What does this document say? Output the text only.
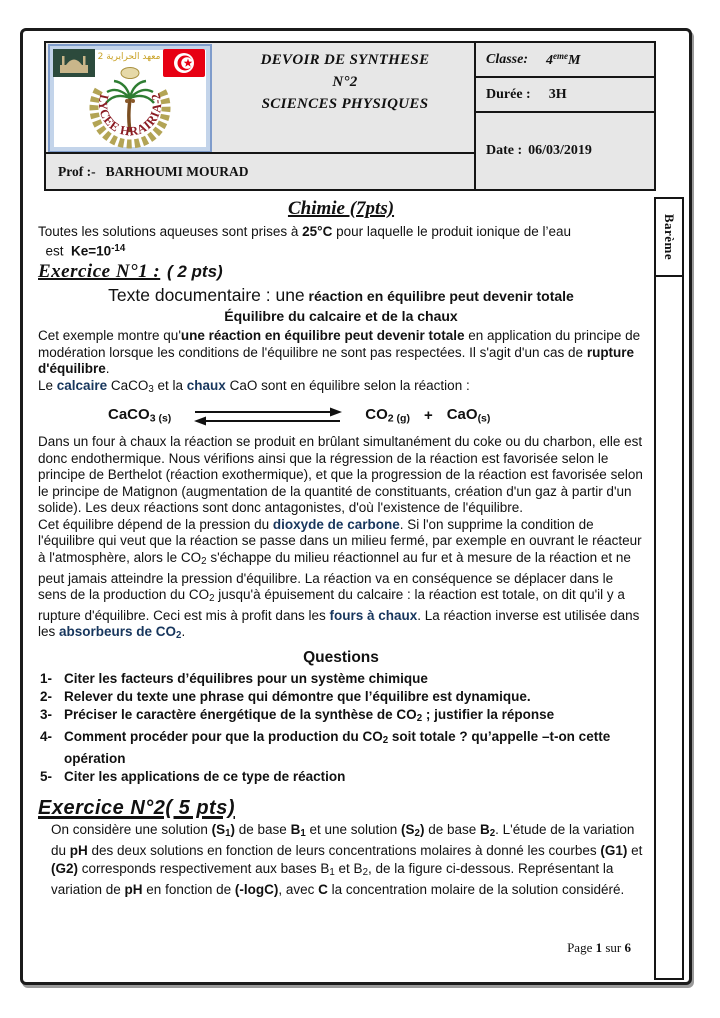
معهد الحرايرية 2
LYCEE HRAIRIA-2
DEVOIR DE SYNTHESE
N°2
SCIENCES PHYSIQUES
Prof :- BARHOUMI MOURAD
Classe: 4emeM
Durée : 3H
Date : 06/03/2019
Barème
Chimie (7pts)
Toutes les solutions aqueuses sont prises à 25°C pour laquelle le produit ionique de l’eau
est  $Ke=10^{-14}$
Exercice N°1 : ( 2 pts)
Texte documentaire : une réaction en équilibre peut devenir totale
Équilibre du calcaire et de la chaux
Cet exemple montre qu'une réaction en équilibre peut devenir totale en application du principe de modération lorsque les conditions de l'équilibre ne sont pas respectées. Il s'agit d'un cas de rupture d'équilibre.
Le calcaire CaCO$_3$ et la chaux CaO sont en équilibre selon la réaction :
CaCO$_{3 (s)}$	$CO_{2 (g)} + CaO_{(s)}$
Dans un four à chaux la réaction se produit en brûlant simultanément du coke ou du charbon, elle est donc endothermique. Nous vérifions ainsi que la régression de la réaction est favorisée selon le principe de Berthelot (réaction exothermique), et que la progression de la réaction est favorisée selon le principe de Matignon (augmentation de la quantité de constituants, création d'un gaz à partir d'un solide). Les deux réactions sont donc antagonistes, d'où l'existence de l'équilibre.
Cet équilibre dépend de la pression du dioxyde de carbone. Si l'on supprime la condition de l'équilibre qui veut que la réaction se passe dans un milieu fermé, par exemple en ouvrant le réacteur à l'atmosphère, alors le $CO_2$ s'échappe du milieu réactionnel au fur et à mesure de la réaction et ne peut jamais atteindre la pression d'équilibre. La réaction va en conséquence se déplacer dans le sens de la production du $CO_2$ jusqu'à épuisement du calcaire : la réaction est totale, on dit qu'il y a rupture d'équilibre. Ceci est mis à profit dans les fours à chaux. La réaction inverse est utilisée dans les absorbeurs de $CO_2$.
Questions
1- Citer les facteurs d’équilibres pour un système chimique
2- Relever du texte une phrase qui démontre que l’équilibre est dynamique.
3- Préciser le caractère énergétique de la synthèse de $CO_2$ ; justifier la réponse
4- Comment procéder pour que la production du $CO_2$ soit totale ? qu’appelle –t-on cette opération
5- Citer les applications de ce type de réaction
Exercice N°2( 5 pts)
On considère une solution $(S_1)$ de base $B_1$ et une solution $(S_2)$ de base $B_2$. L'étude de la variation du pH des deux solutions en fonction de leurs concentrations molaires à donné les courbes (G1) et (G2) corresponds respectivement aux bases $B_1$ et $B_2$, de la figure ci-dessous. Représentant la variation de pH en fonction de (-logC), avec C la concentration molaire de la solution considéré.
Page 1 sur 6
